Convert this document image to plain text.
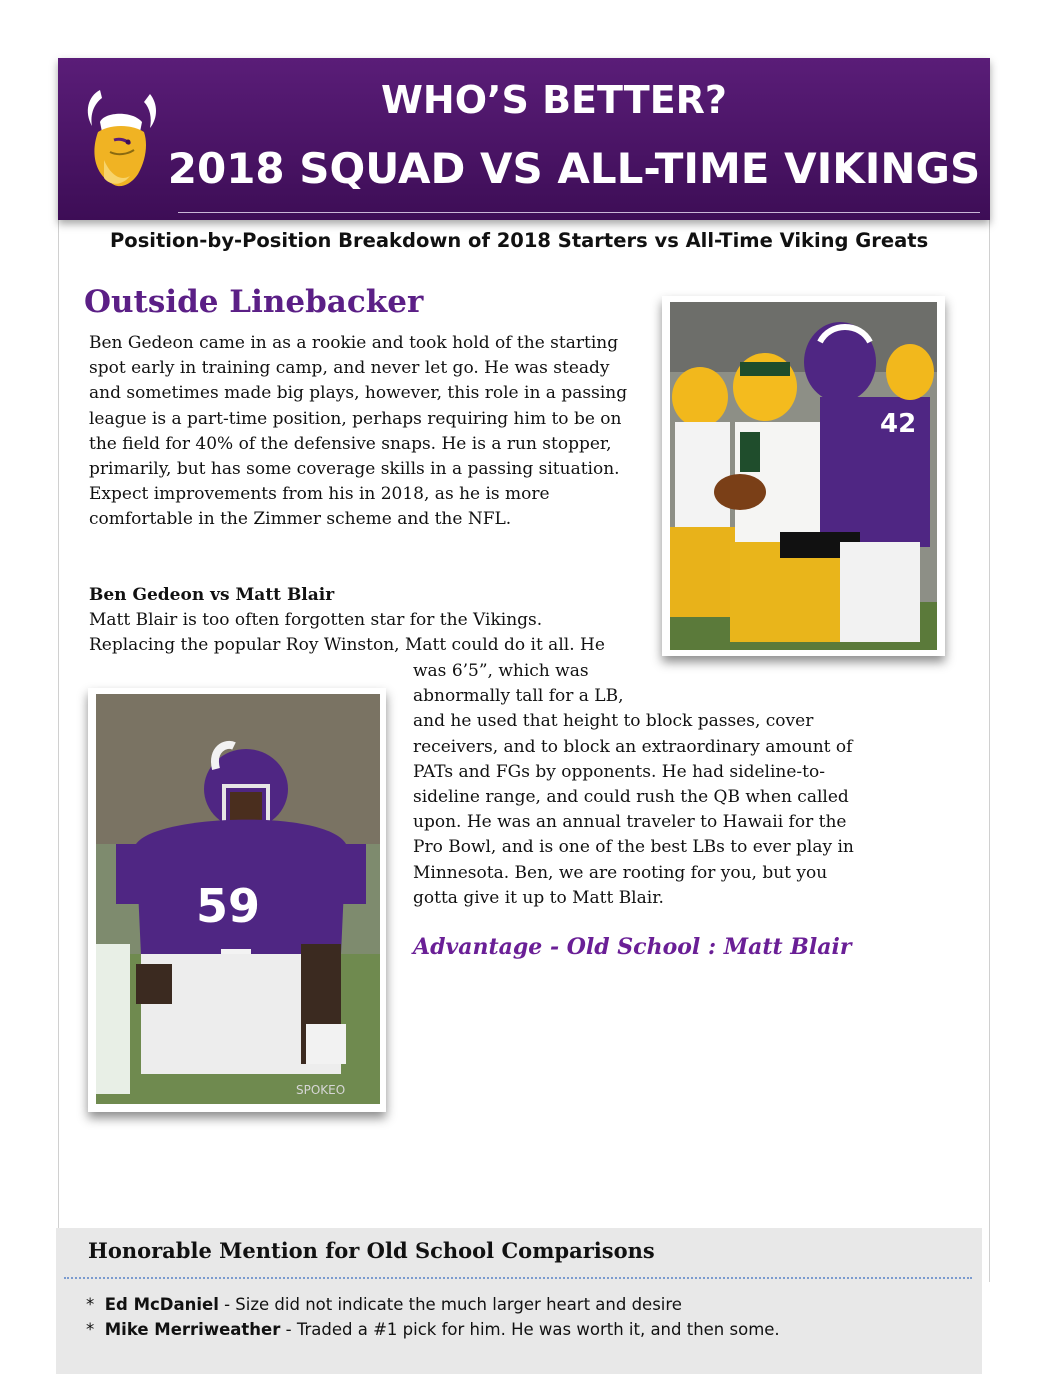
WHO’S BETTER?
2018 SQUAD VS ALL-TIME VIKINGS
Position-by-Position Breakdown of 2018 Starters vs All-Time Viking Greats
Outside Linebacker
Ben Gedeon came in as a rookie and took hold of the starting spot early in training camp, and never let go. He was steady and sometimes made big plays, however, this role in a passing league is a part-time position, perhaps requiring him to be on the field for 40% of the defensive snaps. He is a run stopper, primarily, but has some coverage skills in a passing situation. Expect improvements from his in 2018, as he is more comfortable in the Zimmer scheme and the NFL.
Ben Gedeon vs Matt Blair
Matt Blair is too often forgotten star for the Vikings.
Replacing the popular Roy Winston, Matt could do it all. He
was 6’5”, which was
abnormally tall for a LB,
and he used that height to block passes, cover
receivers, and to block an extraordinary amount of
PATs and FGs by opponents. He had sideline-to-
sideline range, and could rush the QB when called
upon. He was an annual traveler to Hawaii for the
Pro Bowl, and is one of the best LBs to ever play in
Minnesota. Ben, we are rooting for you, but you
gotta give it up to Matt Blair.
Advantage - Old School : Matt Blair
42
59
SPOKEO
Honorable Mention for Old School Comparisons
* Ed McDaniel - Size did not indicate the much larger heart and desire
* Mike Merriweather - Traded a #1 pick for him. He was worth it, and then some.
